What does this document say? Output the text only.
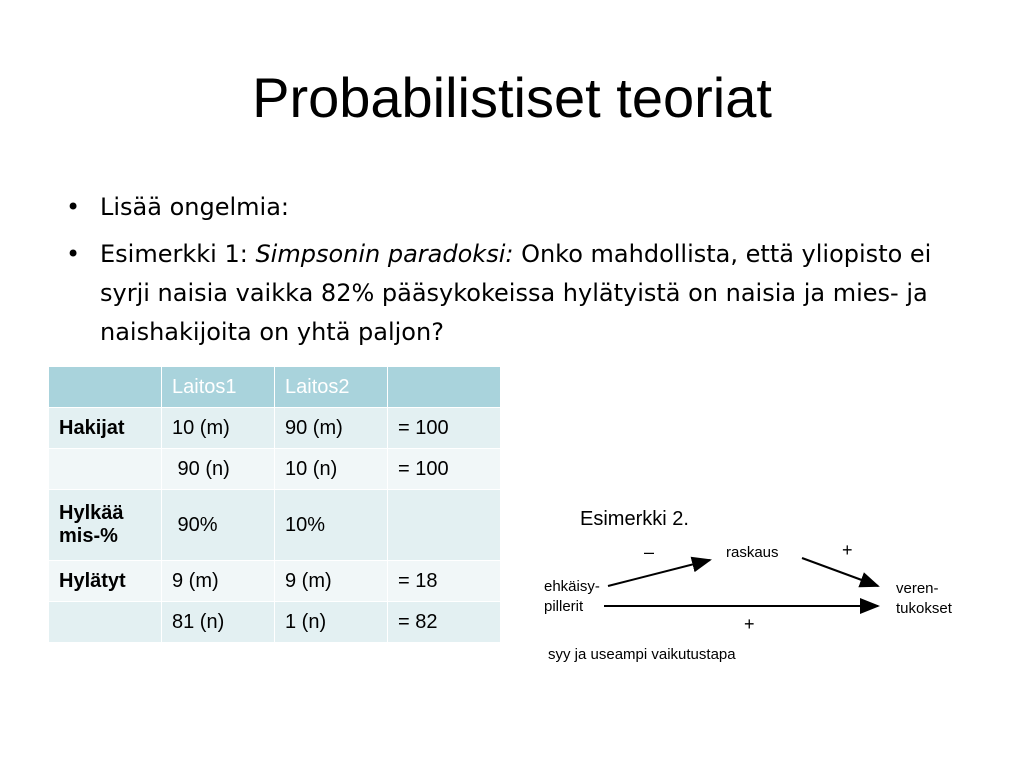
Probabilistiset teoriat
• Lisää ongelmia:
• Esimerkki 1: Simpsonin paradoksi: Onko mahdollista, että yliopisto ei syrji naisia vaikka 82% pääsykokeissa hylätyistä on naisia ja mies- ja naishakijoita on yhtä paljon?
	Laitos1	Laitos2	
Hakijat	10 (m)	90 (m)	= 100
	90 (n)	10 (n)	= 100
Hylkää mis-%	90%	10%	
Hylätyt	9 (m)	9 (m)	= 18
	81 (n)	1 (n)	= 82
Esimerkki 2.
ehkäisy-
pillerit
raskaus
veren-
tukokset
–	+
+
syy ja useampi vaikutustapa
